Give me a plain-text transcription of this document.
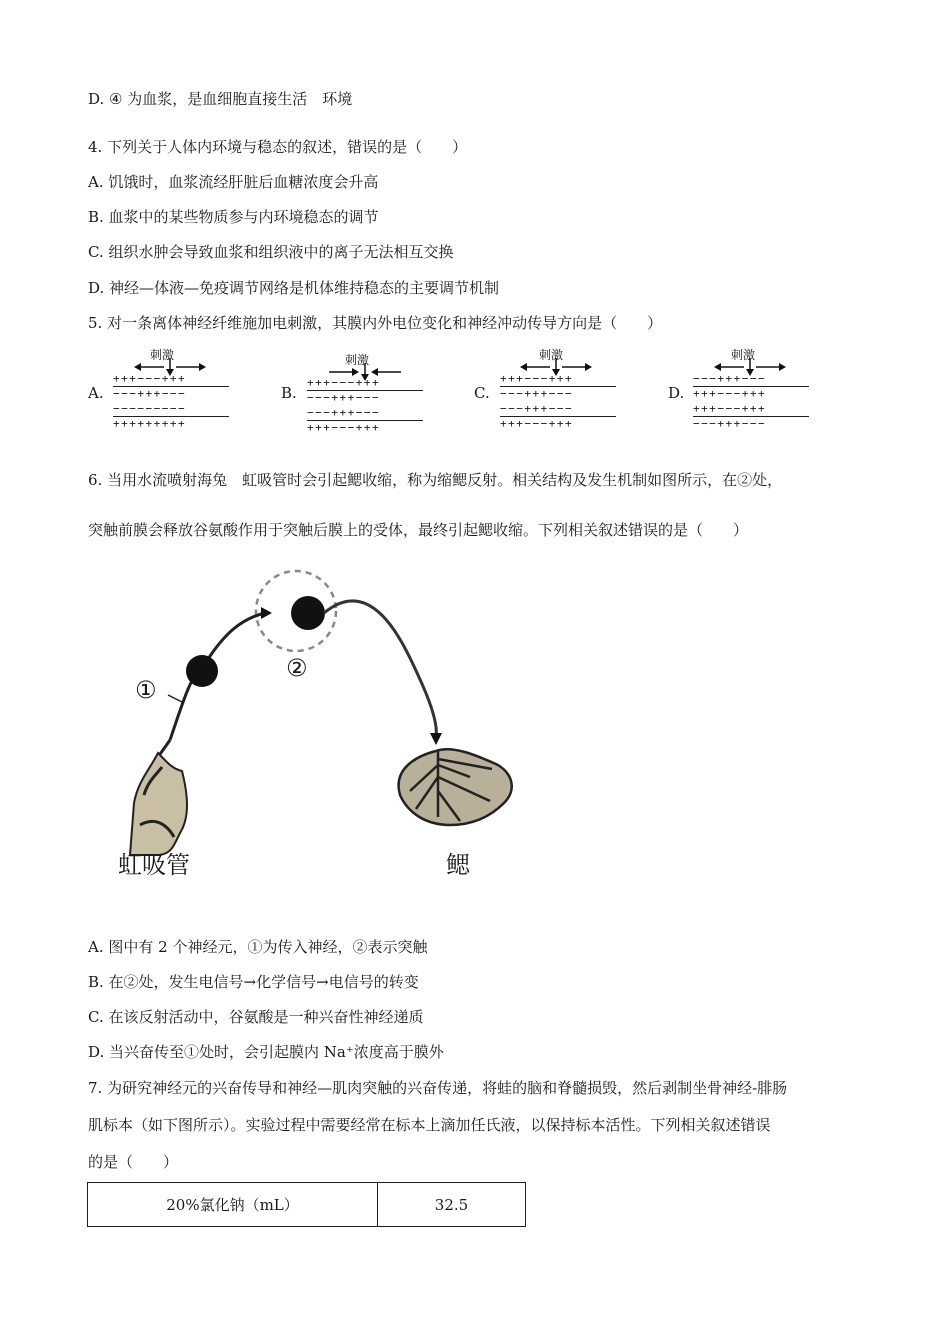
D. ④ 为血浆，是血细胞直接生活　环境
4. 下列关于人体内环境与稳态的叙述，错误的是（　　）
A. 饥饿时，血浆流经肝脏后血糖浓度会升高
B. 血浆中的某些物质参与内环境稳态的调节
C. 组织水肿会导致血浆和组织液中的离子无法相互交换
D. 神经—体液—免疫调节网络是机体维持稳态的主要调节机制
5. 对一条离体神经纤维施加电刺激，其膜内外电位变化和神经冲动传导方向是（　　）
A.
刺激
+++−−−+++
−−−+++−−−
−−−−−−−−−
+++++++++
B.
刺激
+++−−−+++
−−−+++−−−
−−−+++−−−
+++−−−+++
C.
刺激
+++−−−+++
−−−+++−−−
−−−+++−−−
+++−−−+++
D.
刺激
−−−+++−−−
+++−−−+++
+++−−−+++
−−−+++−−−
6. 当用水流喷射海兔　虹吸管时会引起鳃收缩，称为缩鳃反射。相关结构及发生机制如图所示，在②处，
突触前膜会释放谷氨酸作用于突触后膜上的受体，最终引起鳃收缩。下列相关叙述错误的是（　　）
①
②
虹吸管	鳃
A. 图中有 2 个神经元，①为传入神经，②表示突触
B. 在②处，发生电信号→化学信号→电信号的转变
C. 在该反射活动中，谷氨酸是一种兴奋性神经递质
D. 当兴奋传至①处时，会引起膜内 Na⁺浓度高于膜外
7. 为研究神经元的兴奋传导和神经—肌肉突触的兴奋传递，将蛙的脑和脊髓损毁，然后剥制坐骨神经-腓肠
肌标本（如下图所示）。实验过程中需要经常在标本上滴加任氏液，以保持标本活性。下列相关叙述错误
的是（　　）
20%氯化钠（mL）	32.5
